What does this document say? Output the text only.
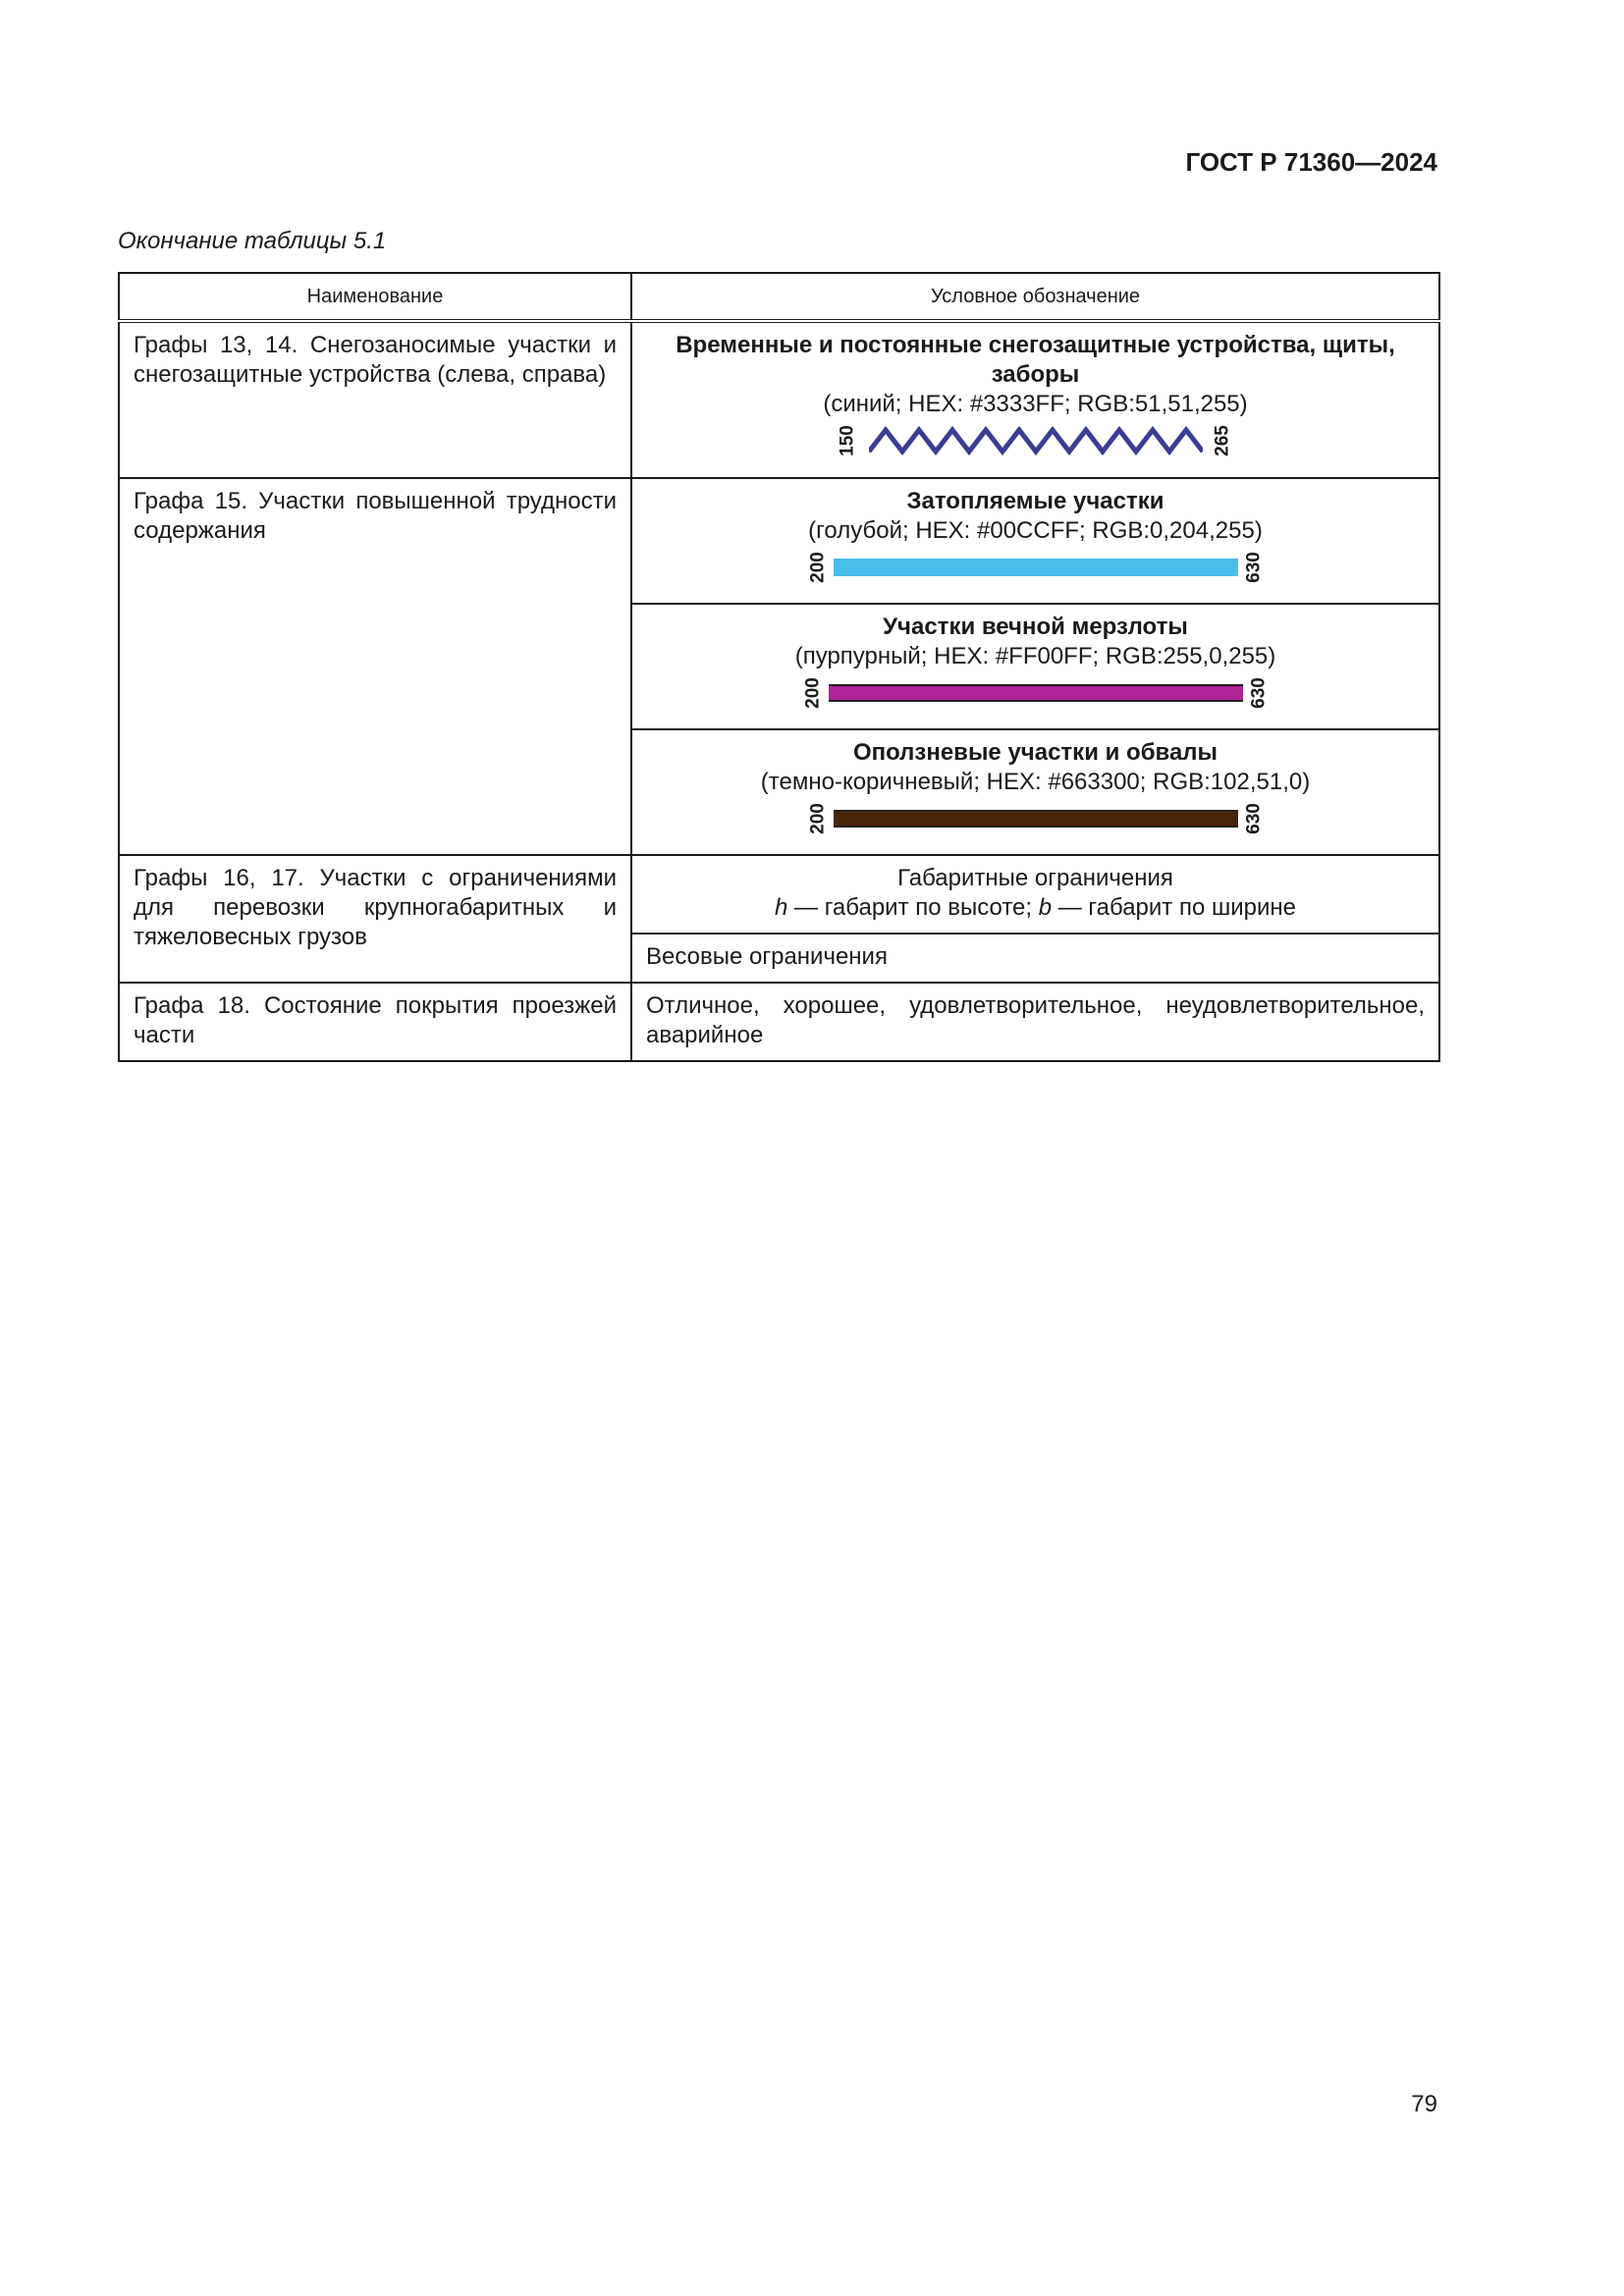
ГОСТ Р 71360—2024
Окончание таблицы 5.1
Наименование	Условное обозначение
Графы 13, 14. Снегозаносимые участки и снегозащитные устройства (слева, справа)	Временные и постоянные снегозащитные устройства, щиты, заборы
(синий; HEX: #3333FF; RGB:51,51,255)
150 265

Графа 15. Участки повышенной трудности содержания	Затопляемые участки
(голубой; HEX: #00CCFF; RGB:0,204,255)
200 630

	Участки вечной мерзлоты
(пурпурный; HEX: #FF00FF; RGB:255,0,255)
200 630

	Оползневые участки и обвалы
(темно-коричневый; HEX: #663300; RGB:102,51,0)
200 630

Графы 16, 17. Участки с ограничениями для перевозки крупногабаритных и тяжеловесных грузов	Габаритные ограничения
h — габарит по высоте; b — габарит по ширине

	Весовые ограничения
Графа 18. Состояние покрытия проезжей части	Отличное, хорошее, удовлетворительное, неудовлетворительное, аварийное
79
